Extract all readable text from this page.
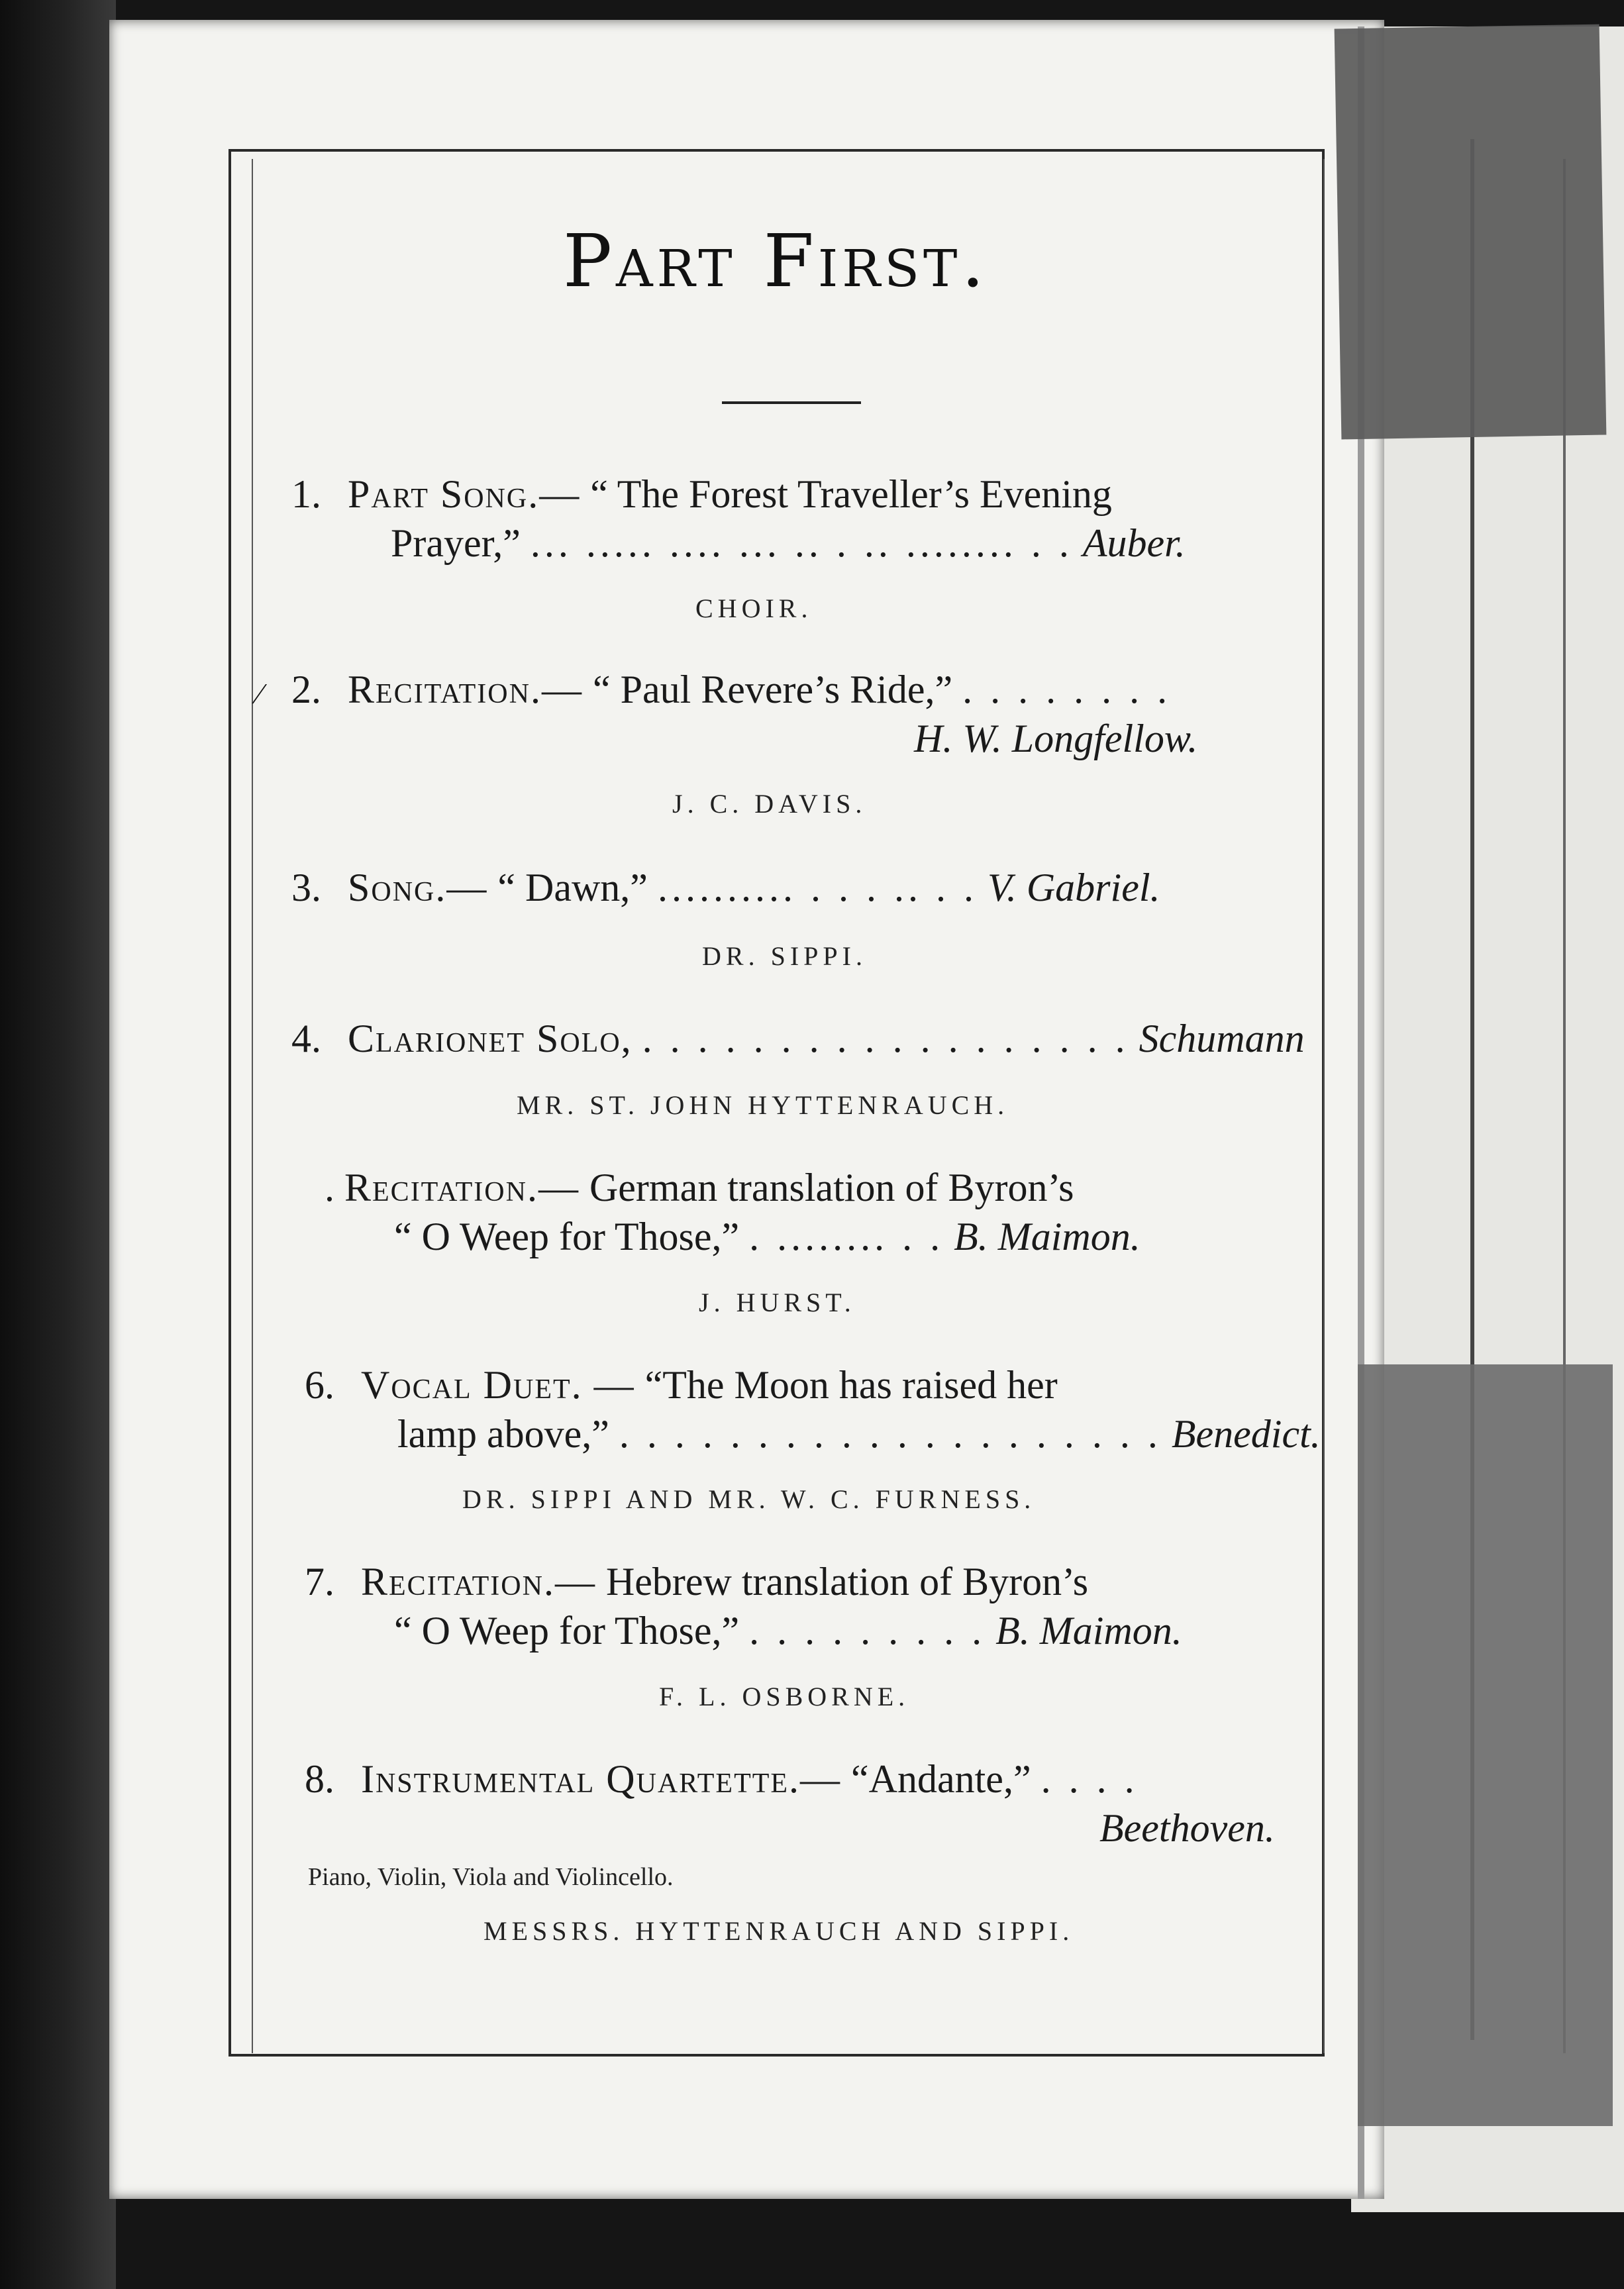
Part First.
1. Part Song.— “ The Forest Traveller’s Evening
Prayer,” ... ..... .... ... .. . .. ........ . . Auber.
CHOIR.
⁄ 2. Recitation.— “ Paul Revere’s Ride,” . . . . . . . .
H. W. Longfellow.
J. C. DAVIS.
3. Song.— “ Dawn,” .......... . . . .. . . V. Gabriel.
DR. SIPPI.
4. Clarionet Solo, . . . . . . . . . . . . . . . . . . Schumann
MR. ST. JOHN HYTTENRAUCH.
. Recitation.— German translation of Byron’s
“ O Weep for Those,” . ........ . . B. Maimon.
J. HURST.
6. Vocal Duet. — “The Moon has raised her
lamp above,” . . . . . . . . . . . . . . . . . . . . Benedict.
DR. SIPPI AND MR. W. C. FURNESS.
7. Recitation.— Hebrew translation of Byron’s
“ O Weep for Those,” . . . . . . . . . B. Maimon.
F. L. OSBORNE.
8. Instrumental Quartette.— “Andante,” . . . .
Beethoven.
Piano, Violin, Viola and Violincello.
MESSRS. HYTTENRAUCH AND SIPPI.
